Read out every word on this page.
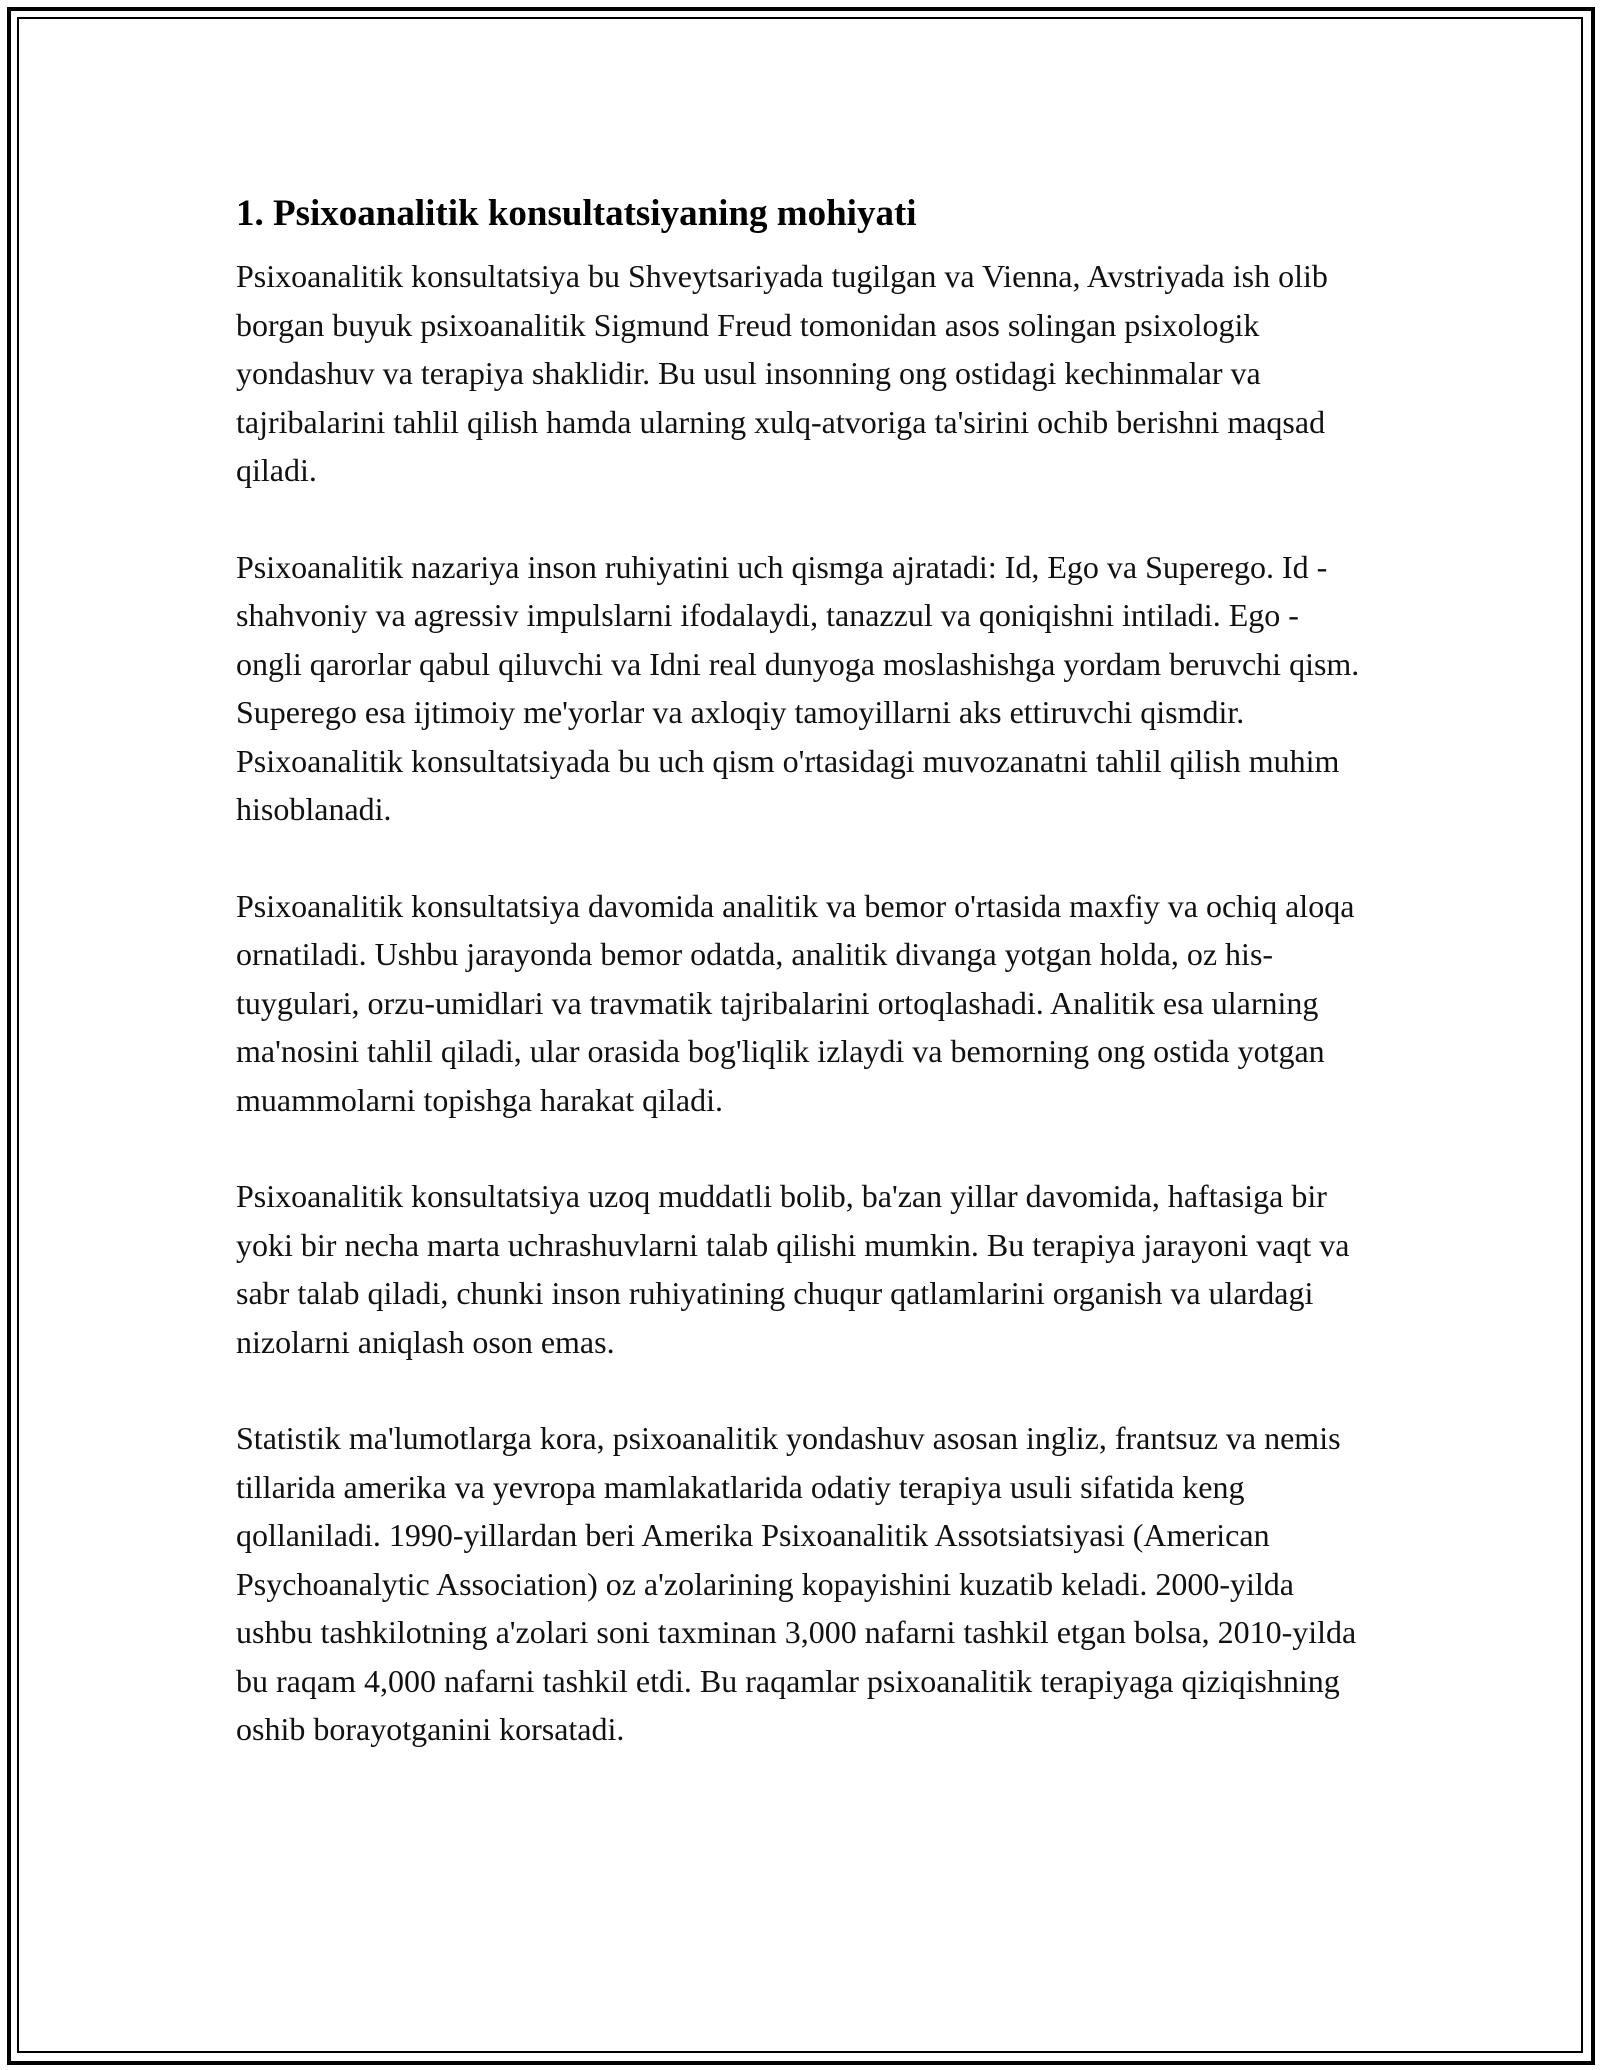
1. Psixoanalitik konsultatsiyaning mohiyati

Psixoanalitik konsultatsiya bu Shveytsariyada tugilgan va Vienna, Avstriyada ish olib borgan buyuk psixoanalitik Sigmund Freud tomonidan asos solingan psixologik yondashuv va terapiya shaklidir. Bu usul insonning ong ostidagi kechinmalar va tajribalarini tahlil qilish hamda ularning xulq-atvoriga ta'sirini ochib berishni maqsad qiladi.

Psixoanalitik nazariya inson ruhiyatini uch qismga ajratadi: Id, Ego va Superego. Id - shahvoniy va agressiv impulslarni ifodalaydi, tanazzul va qoniqishni intiladi. Ego - ongli qarorlar qabul qiluvchi va Idni real dunyoga moslashishga yordam beruvchi qism. Superego esa ijtimoiy me'yorlar va axloqiy tamoyillarni aks ettiruvchi qismdir. Psixoanalitik konsultatsiyada bu uch qism o'rtasidagi muvozanatni tahlil qilish muhim hisoblanadi.

Psixoanalitik konsultatsiya davomida analitik va bemor o'rtasida maxfiy va ochiq aloqa ornatiladi. Ushbu jarayonda bemor odatda, analitik divanga yotgan holda, oz his-tuygulari, orzu-umidlari va travmatik tajribalarini ortoqlashadi. Analitik esa ularning ma'nosini tahlil qiladi, ular orasida bog'liqlik izlaydi va bemorning ong ostida yotgan muammolarni topishga harakat qiladi.

Psixoanalitik konsultatsiya uzoq muddatli bolib, ba'zan yillar davomida, haftasiga bir yoki bir necha marta uchrashuvlarni talab qilishi mumkin. Bu terapiya jarayoni vaqt va sabr talab qiladi, chunki inson ruhiyatining chuqur qatlamlarini organish va ulardagi nizolarni aniqlash oson emas.

Statistik ma'lumotlarga kora, psixoanalitik yondashuv asosan ingliz, frantsuz va nemis tillarida amerika va yevropa mamlakatlarida odatiy terapiya usuli sifatida keng qollaniladi. 1990-yillardan beri Amerika Psixoanalitik Assotsiatsiyasi (American Psychoanalytic Association) oz a'zolarining kopayishini kuzatib keladi. 2000-yilda ushbu tashkilotning a'zolari soni taxminan 3,000 nafarni tashkil etgan bolsa, 2010-yilda bu raqam 4,000 nafarni tashkil etdi. Bu raqamlar psixoanalitik terapiyaga qiziqishning oshib borayotganini korsatadi.
